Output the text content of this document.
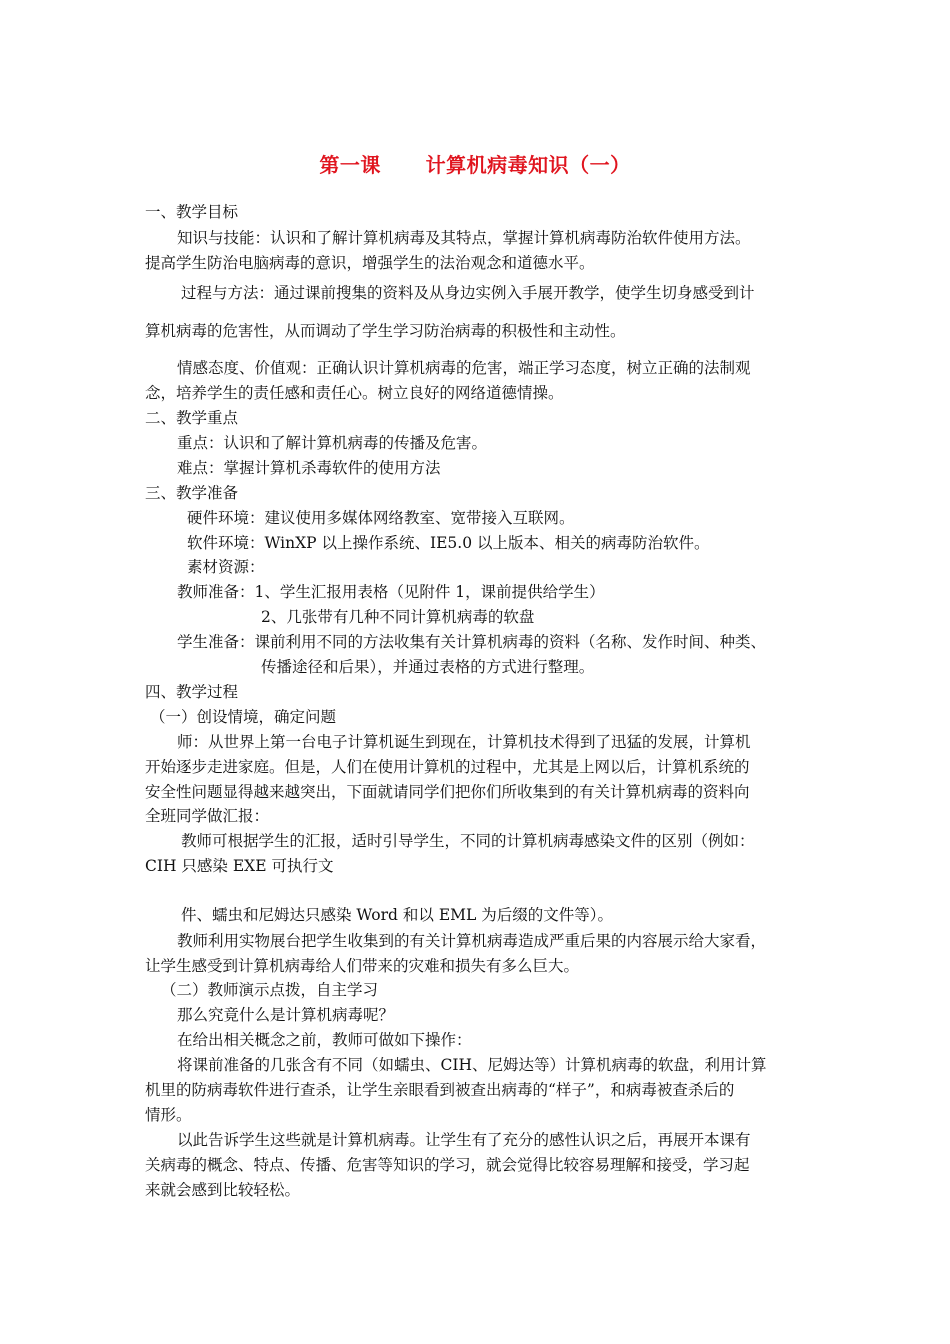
第一课      计算机病毒知识（一）
一、教学目标
知识与技能：认识和了解计算机病毒及其特点，掌握计算机病毒防治软件使用方法。
提高学生防治电脑病毒的意识，增强学生的法治观念和道德水平。
过程与方法：通过课前搜集的资料及从身边实例入手展开教学，使学生切身感受到计
算机病毒的危害性，从而调动了学生学习防治病毒的积极性和主动性。
情感态度、价值观：正确认识计算机病毒的危害，端正学习态度，树立正确的法制观
念，培养学生的责任感和责任心。树立良好的网络道德情操。
二、教学重点
重点：认识和了解计算机病毒的传播及危害。
难点：掌握计算机杀毒软件的使用方法
三、教学准备
硬件环境：建议使用多媒体网络教室、宽带接入互联网。
软件环境：WinXP 以上操作系统、IE5.0 以上版本、相关的病毒防治软件。
素材资源：
教师准备：1、学生汇报用表格（见附件 1，课前提供给学生）
2、几张带有几种不同计算机病毒的软盘
学生准备：课前利用不同的方法收集有关计算机病毒的资料（名称、发作时间、种类、
传播途径和后果），并通过表格的方式进行整理。
四、教学过程
（一）创设情境，确定问题
师：从世界上第一台电子计算机诞生到现在，计算机技术得到了迅猛的发展，计算机
开始逐步走进家庭。但是，人们在使用计算机的过程中，尤其是上网以后，计算机系统的
安全性问题显得越来越突出，下面就请同学们把你们所收集到的有关计算机病毒的资料向
全班同学做汇报：
教师可根据学生的汇报，适时引导学生，不同的计算机病毒感染文件的区别（例如：
CIH 只感染 EXE 可执行文
件、蠕虫和尼姆达只感染 Word 和以 EML 为后缀的文件等）。
教师利用实物展台把学生收集到的有关计算机病毒造成严重后果的内容展示给大家看，
让学生感受到计算机病毒给人们带来的灾难和损失有多么巨大。
（二）教师演示点拨，自主学习
那么究竟什么是计算机病毒呢？
在给出相关概念之前，教师可做如下操作：
将课前准备的几张含有不同（如蠕虫、CIH、尼姆达等）计算机病毒的软盘，利用计算
机里的防病毒软件进行查杀，让学生亲眼看到被查出病毒的“样子”，和病毒被查杀后的
情形。
以此告诉学生这些就是计算机病毒。让学生有了充分的感性认识之后，再展开本课有
关病毒的概念、特点、传播、危害等知识的学习，就会觉得比较容易理解和接受，学习起
来就会感到比较轻松。
